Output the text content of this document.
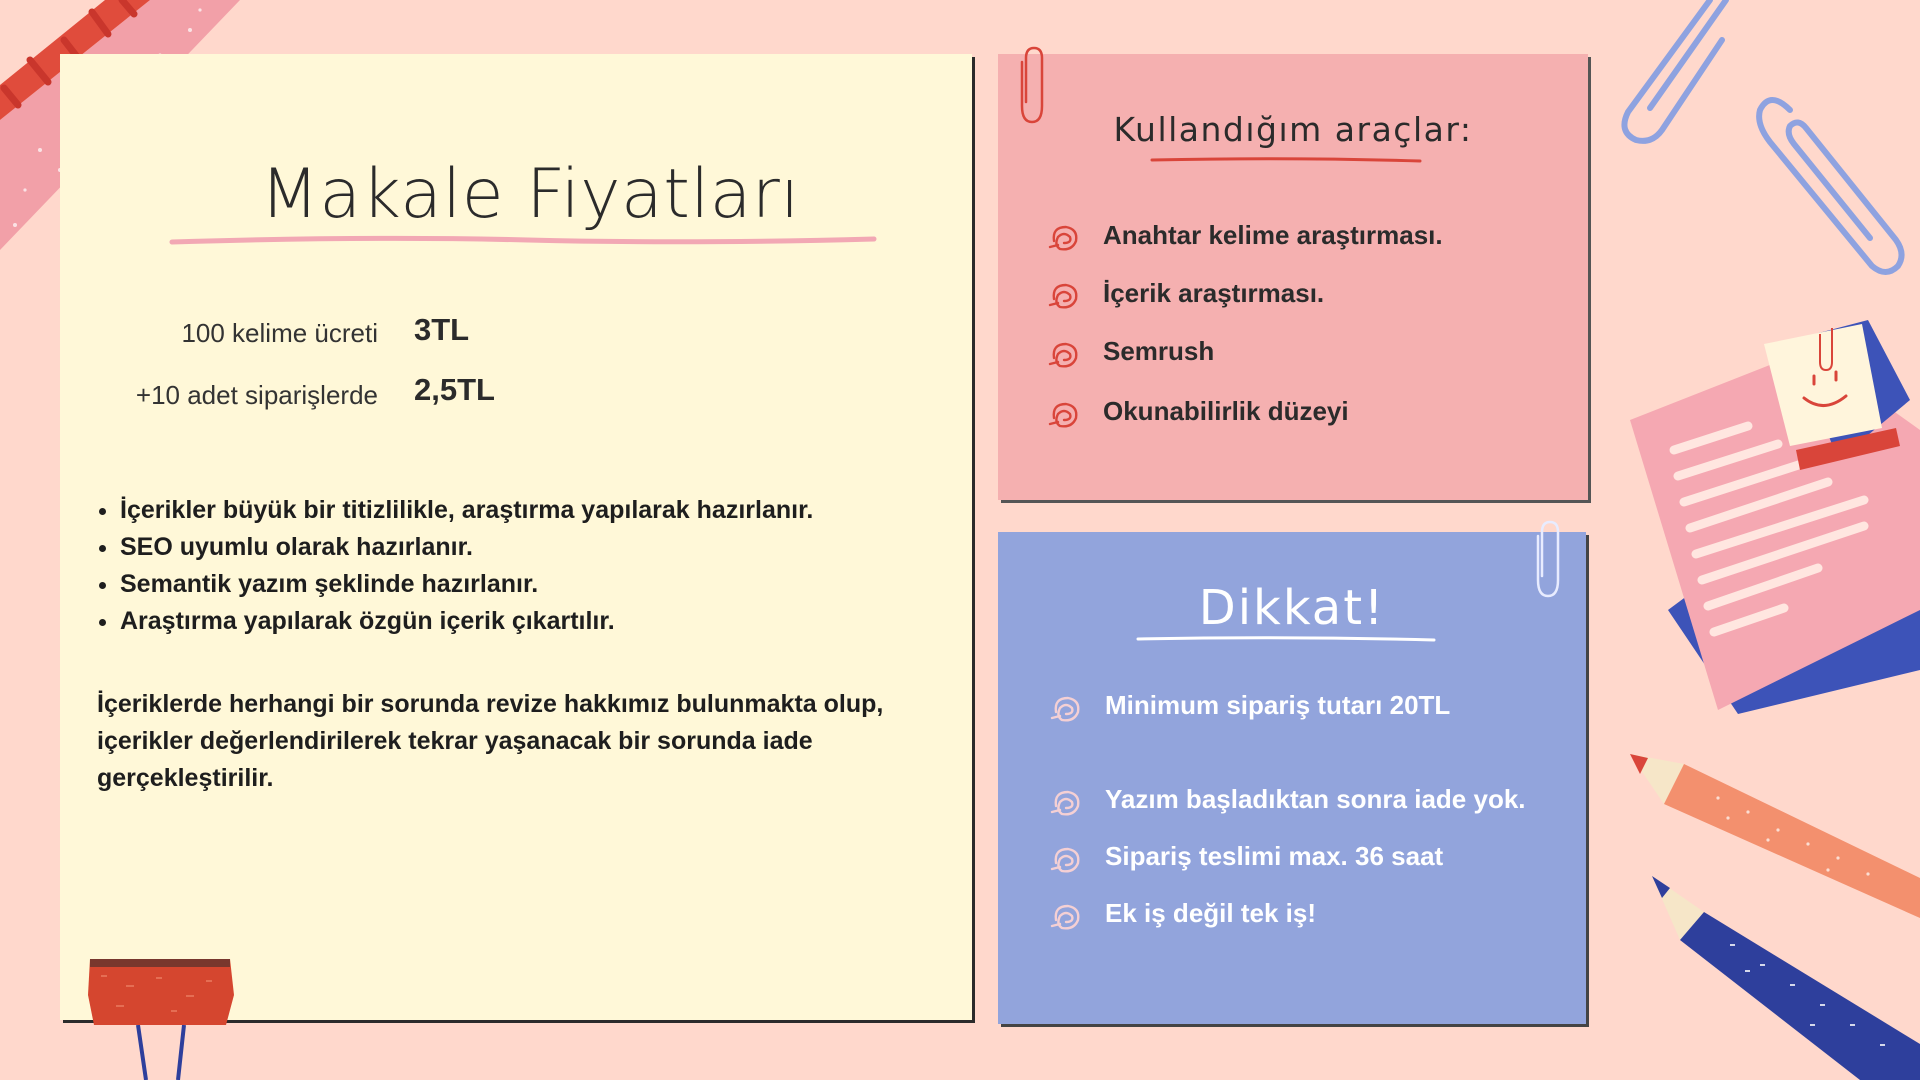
Makale Fiyatları
100 kelime ücreti 3TL
+10 adet siparişlerde 2,5TL
• İçerikler büyük bir titizlilikle, araştırma yapılarak hazırlanır.
• SEO uyumlu olarak hazırlanır.
• Semantik yazım şeklinde hazırlanır.
• Araştırma yapılarak özgün içerik çıkartılır.
İçeriklerde herhangi bir sorunda revize hakkımız bulunmakta olup, içerikler değerlendirilerek tekrar yaşanacak bir sorunda iade gerçekleştirilir.
Kullandığım araçlar:
Anahtar kelime araştırması.
İçerik araştırması.
Semrush
Okunabilirlik düzeyi
Dikkat!
Minimum sipariş tutarı 20TL
Yazım başladıktan sonra iade yok.
Sipariş teslimi max. 36 saat
Ek iş değil tek iş!
